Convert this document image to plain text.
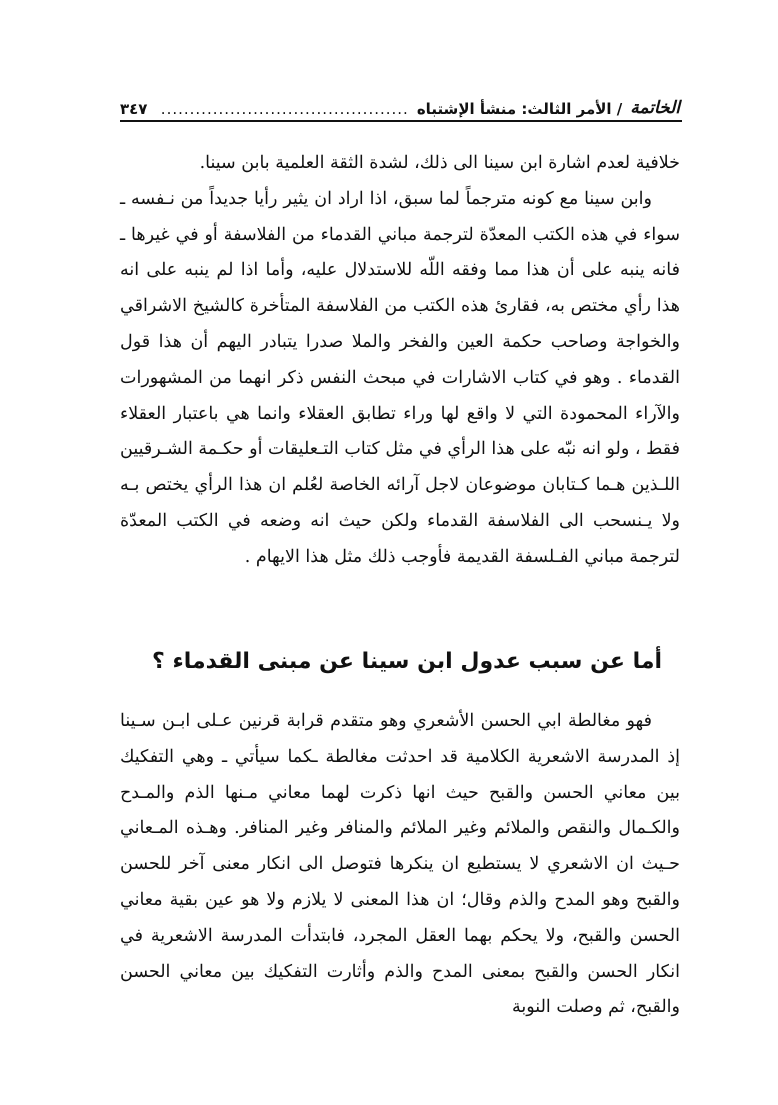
الخاتمة
/ الأمر الثالث: منشأ الإشتباه
...........................................
٣٤٧

خلافية لعدم اشارة ابن سينا الى ذلك، لشدة الثقة العلمية بابن سينا.

وابن سينا مع كونه مترجماً لما سبق، اذا اراد ان يثير رأيا جديداً من نـفسه ـ سواء في هذه الكتب المعدّة لترجمة مباني القدماء من الفلاسفة أو في غيرها ـ فانه ينبه على أن هذا مما وفقه اللّه للاستدلال عليه، وأما اذا لم ينبه على انه هذا رأي مختص به، فقارئ هذه الكتب من الفلاسفة المتأخرة كالشيخ الاشراقي والخواجة وصاحب حكمة العين والفخر والملا صدرا يتبادر اليهم أن هذا قول القدماء . وهو في كتاب الاشارات في مبحث النفس ذكر انهما من المشهورات والآراء المحمودة التي لا واقع لها وراء تطابق العقلاء وانما هي باعتبار العقلاء فقط ، ولو انه نبّه على هذا الرأي في مثل كتاب التـعليقات أو حكـمة الشـرقيين اللـذين هـما كـتابان موضوعان لاجل آرائه الخاصة لعُلم ان هذا الرأي يختص بـه ولا يـنسحب الى الفلاسفة القدماء ولكن حيث انه وضعه في الكتب المعدّة لترجمة مباني الفـلسفة القديمة فأوجب ذلك مثل هذا الايهام .

أما عن سبب عدول ابن سينا عن مبنى القدماء ؟

فهو مغالطة ابي الحسن الأشعري وهو متقدم قرابة قرنين عـلى ابـن سـينا إذ المدرسة الاشعرية الكلامية قد احدثت مغالطة ـكما سيأتي ـ وهي التفكيك بين معاني الحسن والقبح حيث انها ذكرت لهما معاني مـنها الذم والمـدح والكـمال والنقص والملائم وغير الملائم والمنافر وغير المنافر. وهـذه المـعاني حـيث ان الاشعري لا يستطيع ان ينكرها فتوصل الى انكار معنى آخر للحسن والقبح وهو المدح والذم وقال؛ ان هذا المعنى لا يلازم ولا هو عين بقية معاني الحسن والقبح، ولا يحكم بهما العقل المجرد، فابتدأت المدرسة الاشعرية في انكار الحسن والقبح بمعنى المدح والذم وأثارت التفكيك بين معاني الحسن والقبح، ثم وصلت النوبة
